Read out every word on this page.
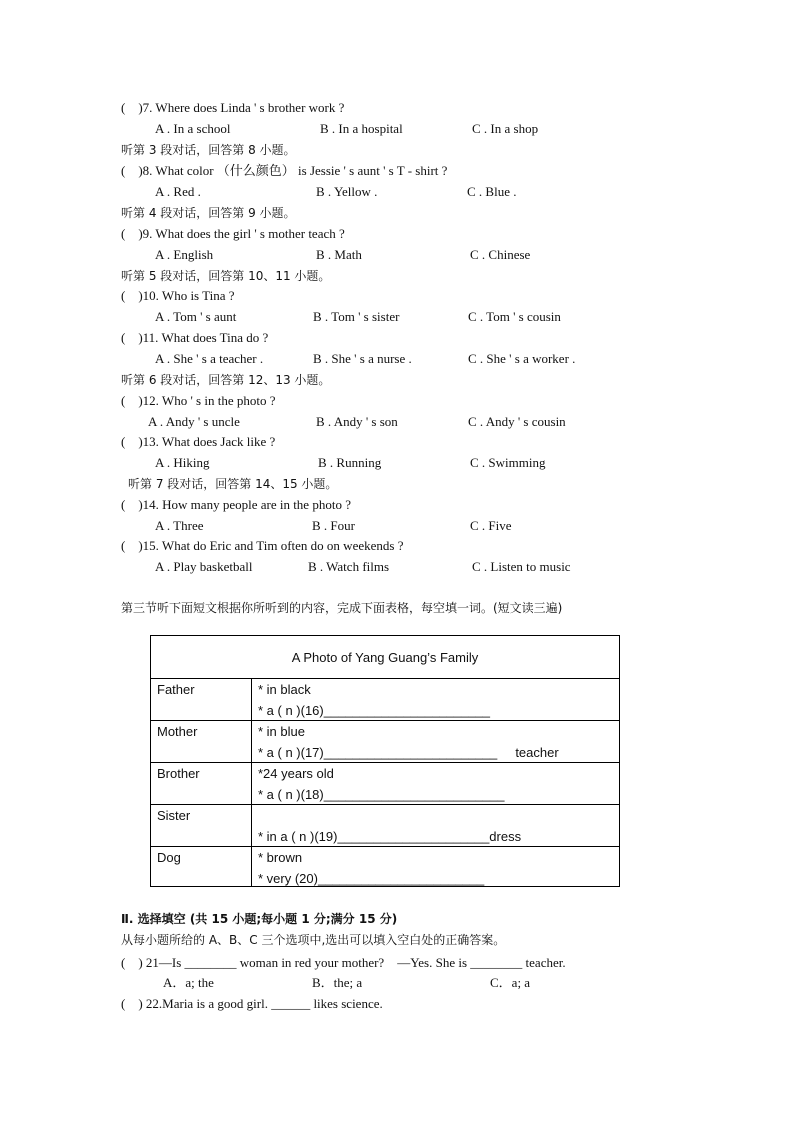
(    )7. Where does Linda ' s brother work ?
A . In a school	B . In a hospital	C . In a shop
听第 3 段对话，回答第 8 小题。
(    )8. What color （什么颜色） is Jessie ' s aunt ' s T - shirt ?
A . Red .	B . Yellow .	C . Blue .
听第 4 段对话，回答第 9 小题。
(    )9. What does the girl ' s mother teach ?
A . English	B . Math	C . Chinese
听第 5 段对话，回答第 10、11 小题。
(    )10. Who is Tina ?
A . Tom ' s aunt	B . Tom ' s sister	C . Tom ' s cousin
(    )11. What does Tina do ?
A . She ' s a teacher .	B . She ' s a nurse .	C . She ' s a worker .
听第 6 段对话，回答第 12、13 小题。
(    )12. Who ' s in the photo ?
A . Andy ' s uncle	B . Andy ' s son	C . Andy ' s cousin
(    )13. What does Jack like ?
A . Hiking	B . Running	C . Swimming
听第 7 段对话，回答第 14、15 小题。
(    )14. How many people are in the photo ?
A . Three	B . Four	C . Five
(    )15. What do Eric and Tim often do on weekends ?
A . Play basketball	B . Watch films	C . Listen to music
第三节听下面短文根据你所听到的内容，完成下面表格，每空填一词。(短文读三遍)
A Photo of Yang Guang’s Family
Father	* in black
* a ( n )(16)_______________________
Mother	* in blue
* a ( n )(17)________________________     teacher
Brother	*24 years old
* a ( n )(18)_________________________
Sister
* in a ( n )(19)_____________________dress
Dog	* brown
* very (20)_______________________
Ⅱ. 选择填空 (共 15 小题;每小题 1 分;满分 15 分)
从每小题所给的 A、B、C 三个选项中,选出可以填入空白处的正确答案。
(    ) 21—Is ________ woman in red your mother?    —Yes. She is ________ teacher.
A．a; the	B．the; a	C．a; a
(    ) 22.Maria is a good girl. ______ likes science.
